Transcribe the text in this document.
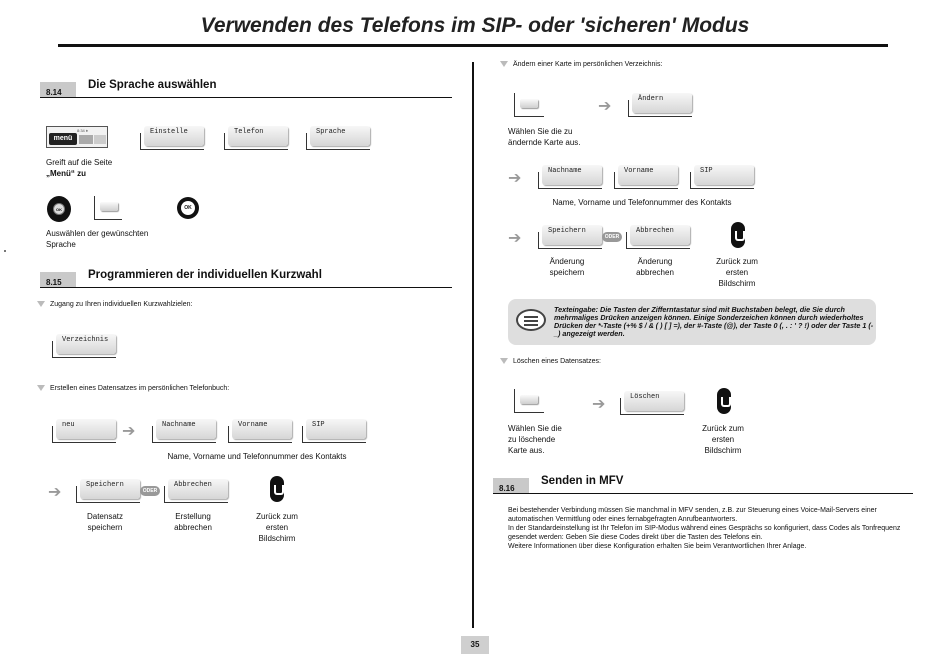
Verwenden des Telefons im SIP- oder 'sicheren' Modus
8.14
Die Sprache auswählen
8:34 ♦
menü
Einstelle	Telefon	Sprache
Greift auf die Seite
„Menü“ zu
OK	OK
Auswählen der gewünschten
Sprache
8.15
Programmieren der individuellen Kurzwahl
Zugang zu Ihren individuellen Kurzwahlzielen:
Verzeichnis
Erstellen eines Datensatzes im persönlichen Telefonbuch:
neu	➔	Nachname	Vorname	SIP
Name, Vorname und Telefonnummer des Kontakts
➔	Speichern
ODER
Abbrechen
Datensatz
speichern
Erstellung
abbrechen
Zurück zum
ersten
Bildschirm
Ändern einer Karte im persönlichen Verzeichnis:
➔	Ändern
Wählen Sie die zu
ändernde Karte aus.
➔	Nachname	Vorname	SIP
Name, Vorname und Telefonnummer des Kontakts
➔	Speichern
ODER
Abbrechen
Änderung
speichern
Änderung
abbrechen
Zurück zum
ersten
Bildschirm
Texteingabe: Die Tasten der Zifferntastatur sind mit Buchstaben belegt, die Sie durch mehrmaliges Drücken anzeigen können. Einige Sonderzeichen können durch wiederholtes Drücken der *-Taste (+% $ / & ( ) [ ] =), der #-Taste (@), der Taste 0 (, . : ' ? !) oder der Taste 1 (- _) angezeigt werden.
Löschen eines Datensatzes:
➔	Löschen
Wählen Sie die
zu löschende
Karte aus.
Zurück zum
ersten
Bildschirm
8.16
Senden in MFV
Bei bestehender Verbindung müssen Sie manchmal in MFV senden, z.B. zur Steuerung eines Voice-Mail-Servers einer
automatischen Vermittlung oder eines fernabgefragten Anrufbeantworters.
In der Standardeinstellung ist Ihr Telefon im SIP-Modus während eines Gesprächs so konfiguriert, dass Codes als Tonfrequenz
gesendet werden: Geben Sie diese Codes direkt über die Tasten des Telefons ein.
Weitere Informationen über diese Konfiguration erhalten Sie beim Verantwortlichen Ihrer Anlage.
35
